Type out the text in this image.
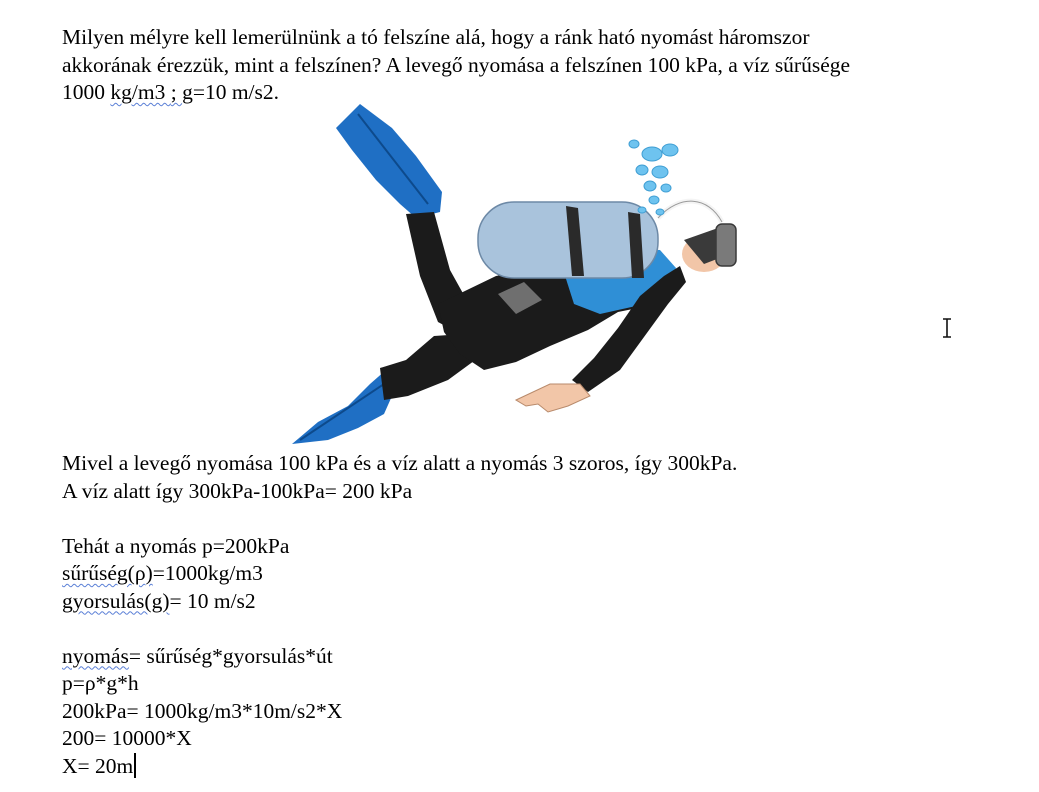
Milyen mélyre kell lemerülnünk a tó felszíne alá, hogy a ránk ható nyomást háromszor
akkorának érezzük, mint a felszínen? A levegő nyomása a felszínen 100 kPa, a víz sűrűsége
1000 kg/m3 ; g=10 m/s2.
Mivel a levegő nyomása 100 kPa és a víz alatt a nyomás 3 szoros, így 300kPa.
A víz alatt így 300kPa-100kPa= 200 kPa
Tehát a nyomás p=200kPa
sűrűség(ρ)=1000kg/m3
gyorsulás(g)= 10 m/s2
nyomás= sűrűség*gyorsulás*út
p=ρ*g*h
200kPa= 1000kg/m3*10m/s2*X
200= 10000*X
X= 20m
